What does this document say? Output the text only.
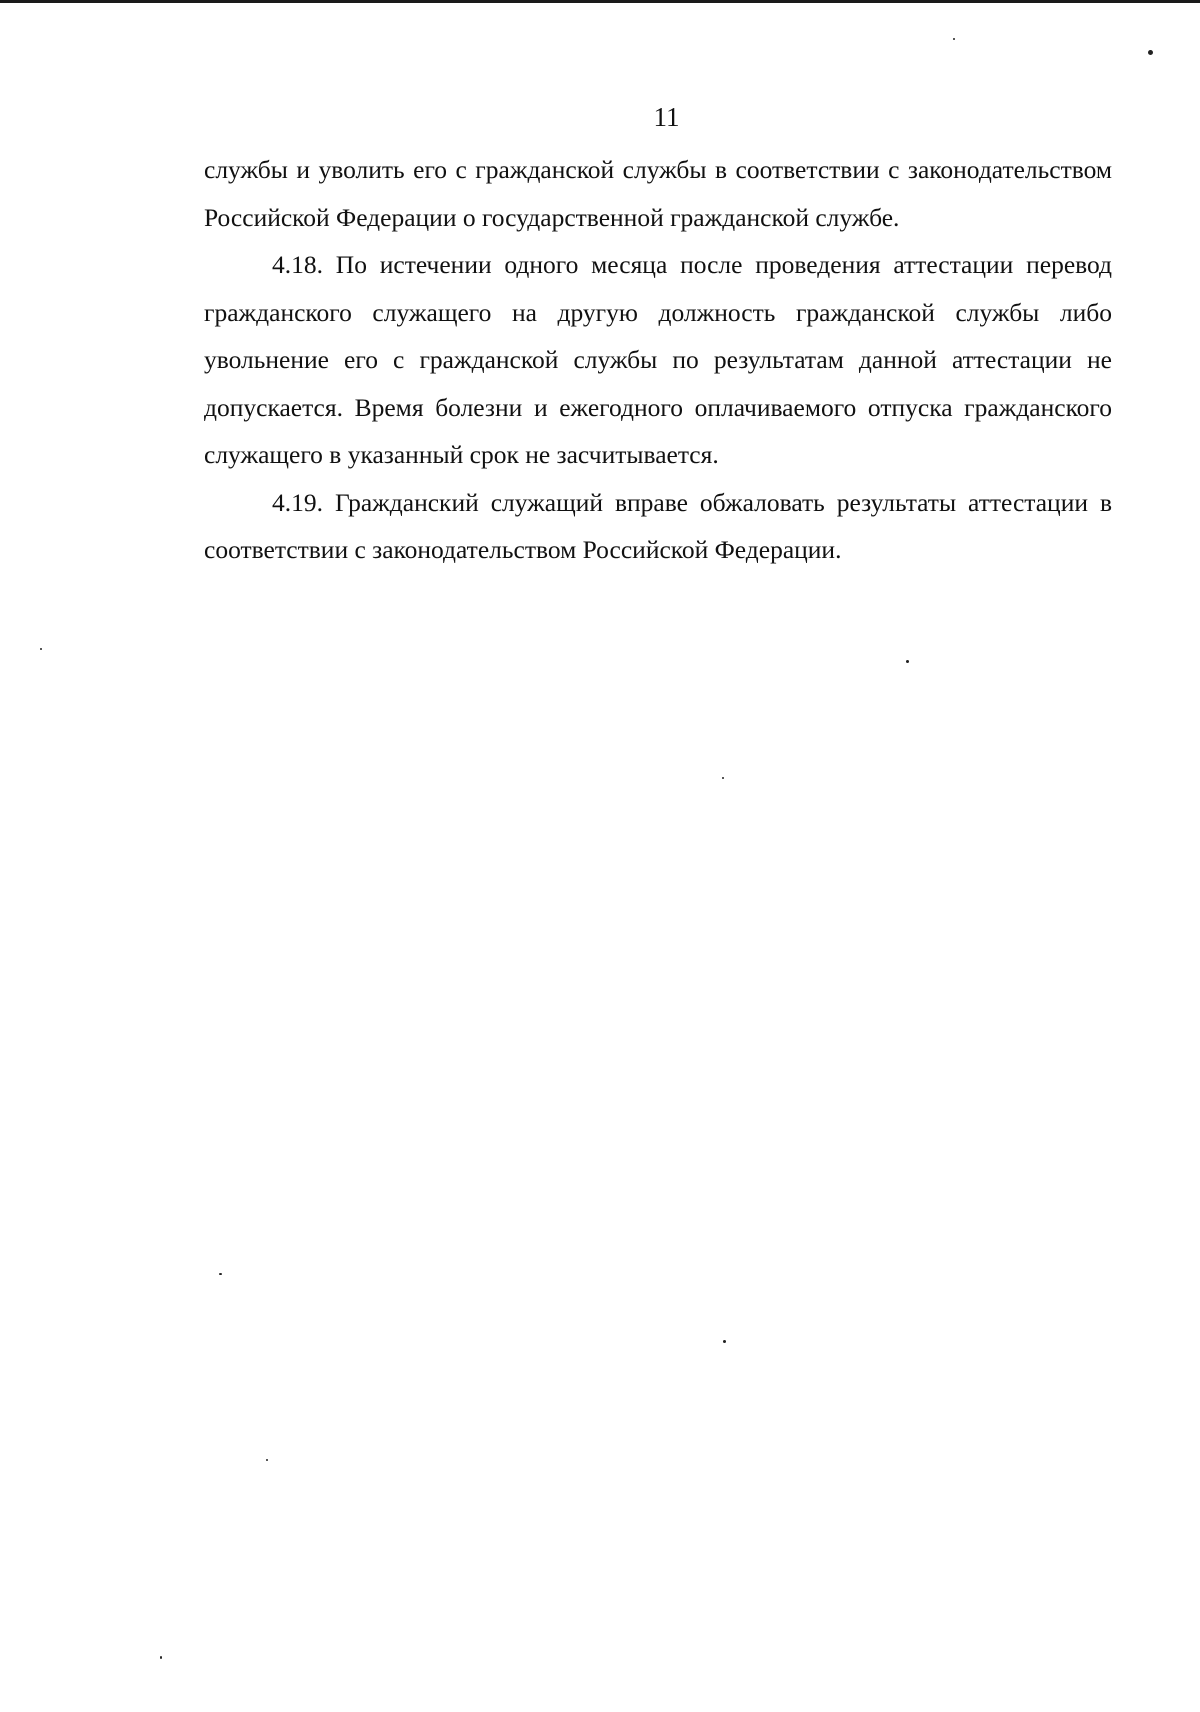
11

службы и уволить его с гражданской службы в соответствии с законодательством Российской Федерации о государственной гражданской службе.

4.18. По истечении одного месяца после проведения аттестации перевод гражданского служащего на другую должность гражданской службы либо увольнение его с гражданской службы по результатам данной аттестации не допускается. Время болезни и ежегодного оплачиваемого отпуска гражданского служащего в указанный срок не засчитывается.

4.19. Гражданский служащий вправе обжаловать результаты аттестации в соответствии с законодательством Российской Федерации.
